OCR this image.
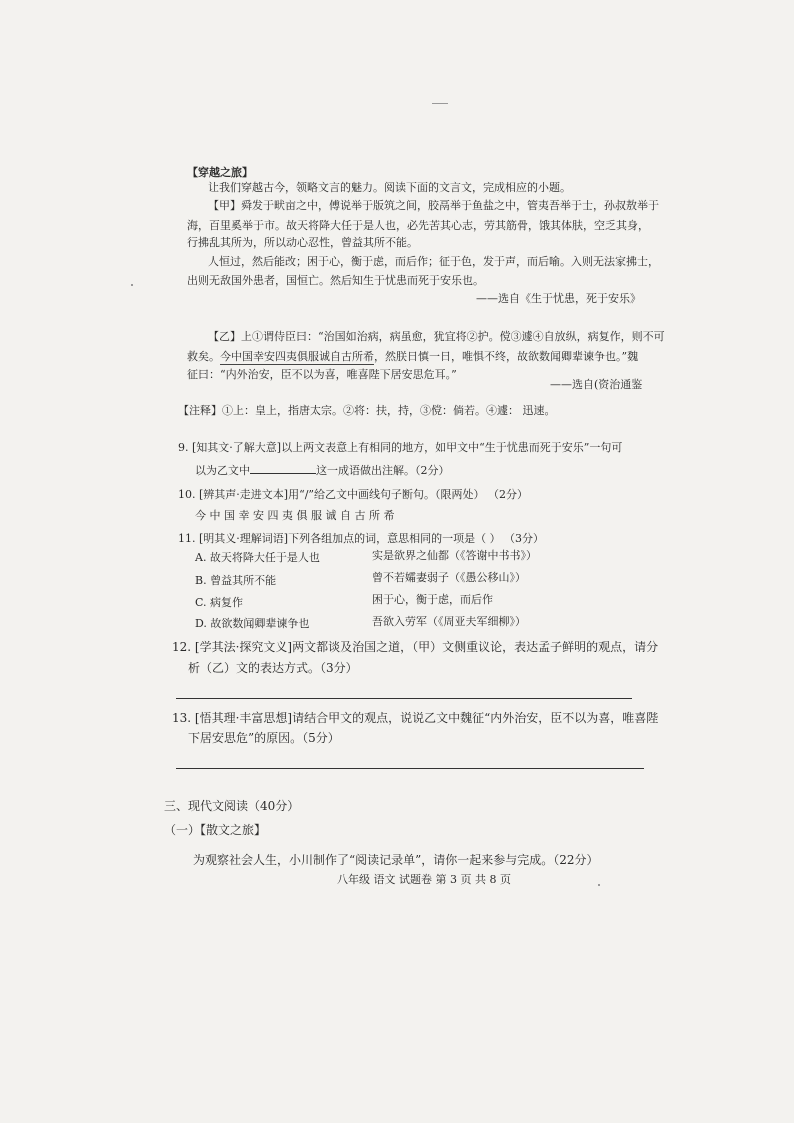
【穿越之旅】
让我们穿越古今，领略文言的魅力。阅读下面的文言文，完成相应的小题。
【甲】舜发于畎亩之中，傅说举于版筑之间，胶鬲举于鱼盐之中，管夷吾举于士，孙叔敖举于
海，百里奚举于市。故天将降大任于是人也，必先苦其心志，劳其筋骨，饿其体肤，空乏其身，
行拂乱其所为，所以动心忍性，曾益其所不能。
人恒过，然后能改；困于心，衡于虑，而后作；征于色，发于声，而后喻。入则无法家拂士，
出则无敌国外患者，国恒亡。然后知生于忧患而死于安乐也。
——选自《生于忧患，死于安乐》
【乙】上①谓侍臣曰：“治国如治病，病虽愈，犹宜将②护。傥③遽④自放纵，病复作，则不可
救矣。今中国幸安四夷俱服诚自古所希，然朕日慎一日，唯惧不终，故欲数闻卿辈谏争也。”魏
征曰：“内外治安，臣不以为喜，唯喜陛下居安思危耳。”
——选自(资治通鉴
【注释】①上：皇上，指唐太宗。②将：扶，持，③傥：倘若。④遽： 迅速。
9. [知其文·了解大意]以上两文表意上有相同的地方，如甲文中“生于忧患而死于安乐”一句可
以为乙文中	这一成语做出注解。（2分）
10. [辨其声·走进文本]用“/”给乙文中画线句子断句。（限两处） （2分）
今 中 国 幸 安 四 夷 俱 服 诚 自 古 所 希
11. [明其义·理解词语]下列各组加点的词，意思相同的一项是（ ） （3分）
A. 故天将降大任于是人也	实是欲界之仙都（《答谢中书书》）
B. 曾益其所不能	曾不若孀妻弱子（《愚公移山》）
C. 病复作	困于心，衡于虑，而后作
D. 故欲数闻卿辈谏争也	吾欲入劳军（《周亚夫军细柳》）
12. [学其法·探究文义]两文都谈及治国之道，（甲）文侧重议论，表达孟子鲜明的观点，请分
析（乙）文的表达方式。（3分）
13. [悟其理·丰富思想]请结合甲文的观点，说说乙文中魏征“内外治安，臣不以为喜，唯喜陛
下居安思危”的原因。（5分）
三、现代文阅读（40分）
（一）【散文之旅】
为观察社会人生，小川制作了“阅读记录单”，请你一起来参与完成。（22分）
八年级 语文 试题卷 第 3 页 共 8 页
